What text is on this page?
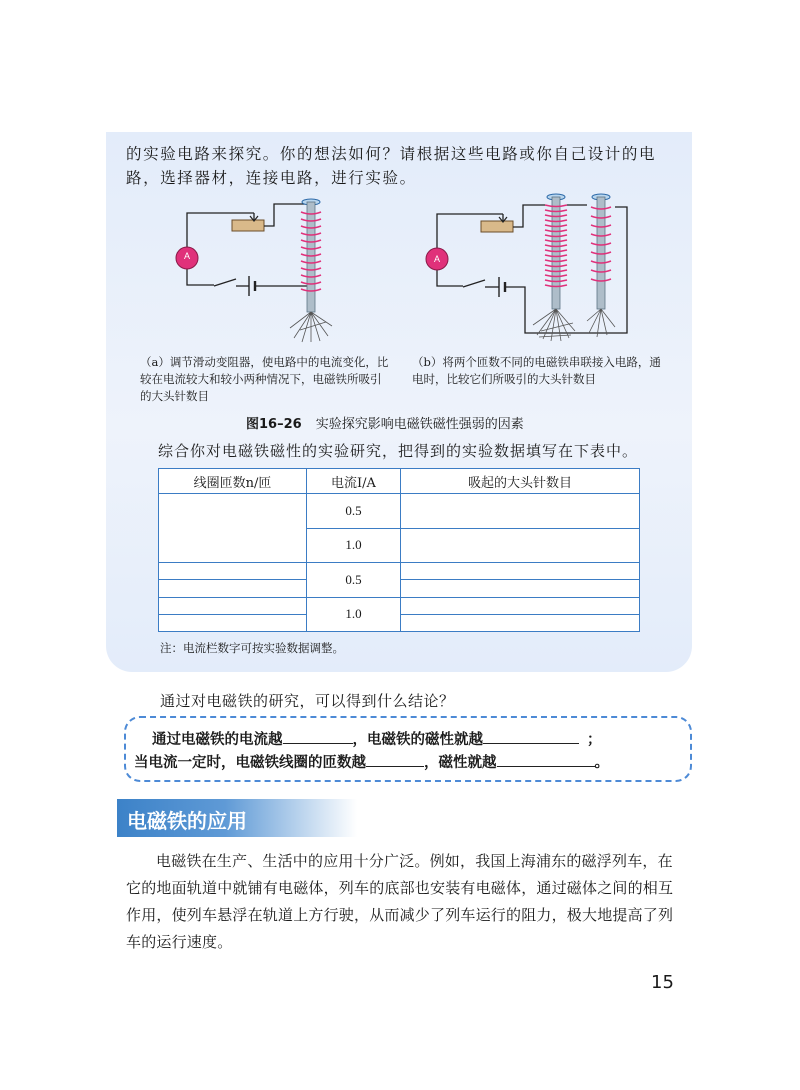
的实验电路来探究。你的想法如何？请根据这些电路或你自己设计的电路，选择器材，连接电路，进行实验。
A	A
（a）调节滑动变阻器，使电路中的电流变化，比较在电流较大和较小两种情况下，电磁铁所吸引的大头针数目
（b）将两个匝数不同的电磁铁串联接入电路，通电时，比较它们所吸引的大头针数目
图16–26 实验探究影响电磁铁磁性强弱的因素
综合你对电磁铁磁性的实验研究，把得到的实验数据填写在下表中。
线圈匝数n/匝	电流I/A	吸起的大头针数目
	0.5	
	1.0	
	0.5	

	1.0	

注：电流栏数字可按实验数据调整。
通过对电磁铁的研究，可以得到什么结论？
通过电磁铁的电流越	，电磁铁的磁性就越	；
当电流一定时，电磁铁线圈的匝数越	，磁性就越	。
电磁铁的应用
电磁铁在生产、生活中的应用十分广泛。例如，我国上海浦东的磁浮列车，在它的地面轨道中就铺有电磁体，列车的底部也安装有电磁体，通过磁体之间的相互作用，使列车悬浮在轨道上方行驶，从而减少了列车运行的阻力，极大地提高了列车的运行速度。
15
